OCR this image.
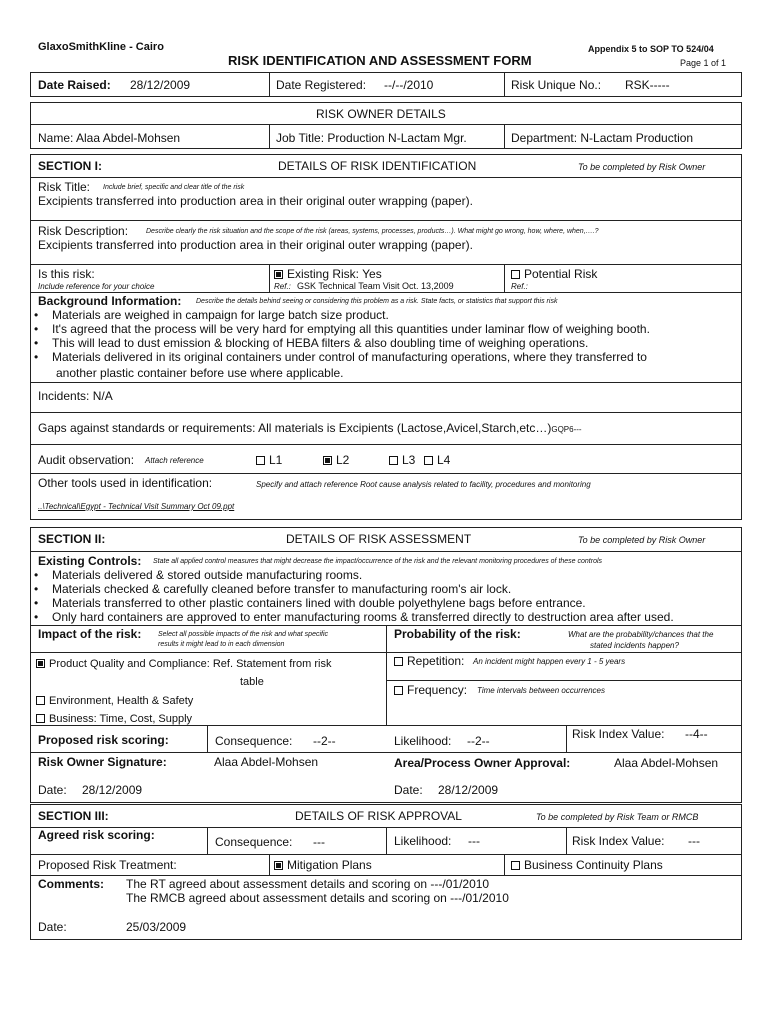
GlaxoSmithKline - Cairo
RISK IDENTIFICATION AND ASSESSMENT FORM
Appendix 5 to SOP TO 524/04
Page 1 of 1
Date Raised: 28/12/2009	Date Registered: --/--/2010	Risk Unique No.: RSK-----
RISK OWNER DETAILS
Name: Alaa Abdel-Mohsen	Job Title: Production N-Lactam Mgr.	Department: N-Lactam Production
SECTION I:	DETAILS OF RISK IDENTIFICATION	To be completed by Risk Owner
Risk Title: Include brief, specific and clear title of the risk
Excipients transferred into production area in their original outer wrapping (paper).
Risk Description:	Describe clearly the risk situation and the scope of the risk (areas, systems, processes, products…). What might go wrong, how, where, when,….?
Excipients transferred into production area in their original outer wrapping (paper).
Is this risk:
Include reference for your choice
Existing Risk: Yes
Ref.: GSK Technical Team Visit Oct. 13,2009
Potential Risk
Ref.:
Background Information: Describe the details behind seeing or considering this problem as a risk. State facts, or statistics that support this risk
• Materials are weighed in campaign for large batch size product.
• It's agreed that the process will be very hard for emptying all this quantities under laminar flow of weighing booth.
• This will lead to dust emission & blocking of HEBA filters & also doubling time of weighing operations.
• Materials delivered in its original containers under control of manufacturing operations, where they transferred to
another plastic container before use where applicable.
Incidents: N/A
Gaps against standards or requirements: All materials is Excipients (Lactose,Avicel,Starch,etc…)GQP6---
Audit observation: Attach reference	L1	L2	L3	L4
Other tools used in identification:	Specify and attach reference Root cause analysis related to facility, procedures and monitoring
..\Technical\Egypt - Technical Visit Summary Oct 09.ppt
SECTION II:	DETAILS OF RISK ASSESSMENT	To be completed by Risk Owner
Existing Controls: State all applied control measures that might decrease the impact/occurrence of the risk and the relevant monitoring procedures of these controls
• Materials delivered & stored outside manufacturing rooms.
• Materials checked & carefully cleaned before transfer to manufacturing room's air lock.
• Materials transferred to other plastic containers lined with double polyethylene bags before entrance.
• Only hard containers are approved to enter manufacturing rooms & transferred directly to destruction area after used.
Impact of the risk: Select all possible impacts of the risk and what specific
results it might lead to in each dimension
Probability of the risk:	What are the probability/chances that the
stated incidents happen?
Product Quality and Compliance: Ref. Statement from risk
table
Environment, Health & Safety
Business: Time, Cost, Supply
Repetition: An incident might happen every 1 - 5 years
Frequency: Time intervals between occurrences
Proposed risk scoring:	Consequence: --2--	Likelihood: --2--	Risk Index Value: --4--
Risk Owner Signature:	Alaa Abdel-Mohsen	Area/Process Owner Approval:	Alaa Abdel-Mohsen
Date: 28/12/2009	Date: 28/12/2009
SECTION III:	DETAILS OF RISK APPROVAL	To be completed by Risk Team or RMCB
Agreed risk scoring:	Consequence: ---	Likelihood: ---	Risk Index Value: ---
Proposed Risk Treatment:	Mitigation Plans	Business Continuity Plans
Comments: The RT agreed about assessment details and scoring on ---/01/2010
The RMCB agreed about assessment details and scoring on ---/01/2010
Date:	25/03/2009
